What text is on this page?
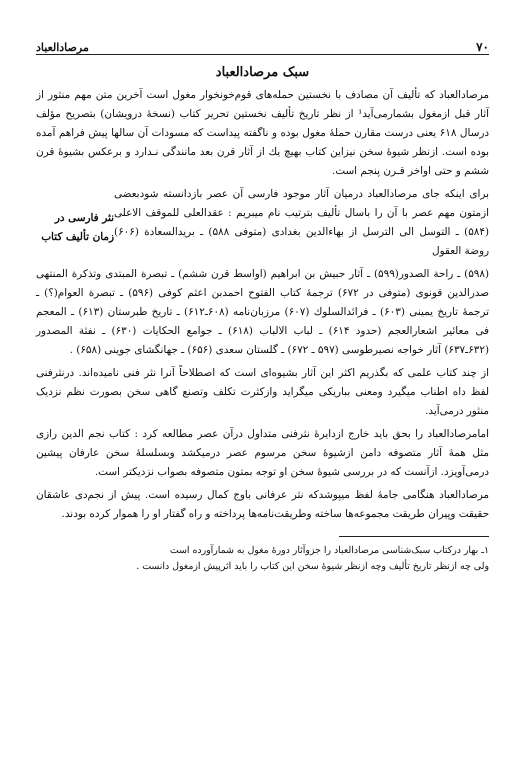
۷۰
مرصادالعباد
سبک مرصادالعباد

مرصادالعباد که تألیف آن مصادف با نخستین حمله‌های قوم‌خونخوار مغول است آخرین متن مهم منثور از آثار قبل ازمغول بشمارمی‌آید¹ از نظر تاریخ تألیف نخستین تحریر کتاب (نسخهٔ درویشان) بتصریح مؤلف درسال ۶۱۸ یعنی درست مقارن حملهٔ مغول بوده و ناگفته پیداست که مسودات آن سالها پیش فراهم آمده بوده است. ازنظر شیوهٔ سخن نیزاین کتاب بهیچ یك از آثار قرن بعد مانندگی نـدارد و برعکس بشیوهٔ قرن ششم و حتی اواخر قـرن پنجم است.

برای اینکه جای مرصادالعباد درمیان آثار موجود فارسی آن عصر بازدانسته شودبعضی ازمتون مهم عصر با آن را باسال تألیف بترتیب نام میبریم : عقدالعلی للموقف الاعلی (۵۸۴) ـ التوسل الی الترسل از بهاءالدین بغدادی (متوفی ۵۸۸) ـ بریدالسعادة (۶۰۶) روضة العقول

نثر فارسی در زمان تألیف کتاب

(۵۹۸) ـ راحة الصدور(۵۹۹) ـ آثار حبیش بن ابراهیم (اواسط قرن ششم) ـ تبصرة المبتدی وتذکرة المنتهی صدرالدین قونوی (متوفی در ۶۷۲) ترجمهٔ کتاب الفتوح احمدبن اعثم کوفی (۵۹۶) ـ تبصرة العوام(؟) ـ ترجمهٔ تاریخ یمینی (۶۰۳) ـ فرائدالسلوك (۶۰۷) مرزبان‌نامه (۶۰۸ـ۶۱۲) ـ تاریخ طبرستان (۶۱۳) ـ المعجم فی معائیر اشعارالعجم (حدود ۶۱۴) ـ لباب الالباب (۶۱۸) ـ جوامع الحکایات (۶۳۰) ـ نفثة المصدور (۶۳۲ـ۶۳۷) آثار خواجه نصیرطوسی (۵۹۷ ـ ۶۷۲) ـ گلستان سعدی (۶۵۶) ـ جهانگشای جوینی (۶۵۸) .

از چند کتاب علمی که بگذریم اکثر این آثار بشیوه‌ای است که اصطلاحاً آنرا نثر فنی نامیده‌اند. درنثرفنی لفظ داه اطناب میگیرد ومعنی بباریکی میگراید وازکثرت تکلف وتصنع گاهی سخن بصورت نظم نزدیک منثور درمی‌آید.

امامرصادالعباد را بحق باید خارج ازدایرهٔ نثرفنی متداول درآن عصر مطالعه کرد : کتاب نجم الدین رازی مثل همهٔ آثار متصوفه دامن ازشیوهٔ سخن مرسوم عصر درمیکشد وبسلسلهٔ سخن عارفان پیشین درمی‌آویزد. ازآنست که در بررسی شیوهٔ سخن او توجه بمتون متصوفه بصواب نزدیکتر است.

مرصادالعباد هنگامی جامهٔ لفظ میپوشدکه نثر عرفانی باوج کمال رسیده است. پیش از نجم‌دی عاشقان حقیقت وپیران طریقت مجموعه‌ها ساخته وطریقت‌نامه‌ها پرداخته و راه گفتار او را هموار کرده بودند.

۱ـ بهار درکتاب سبک‌شناسی مرصادالعباد را جزوآثار دورهٔ مغول به شمارآورده است
ولی چه ازنظر تاریخ تألیف وچه ازنظر شیوهٔ سخن این کتاب را باید اثرپیش ازمغول دانست .
